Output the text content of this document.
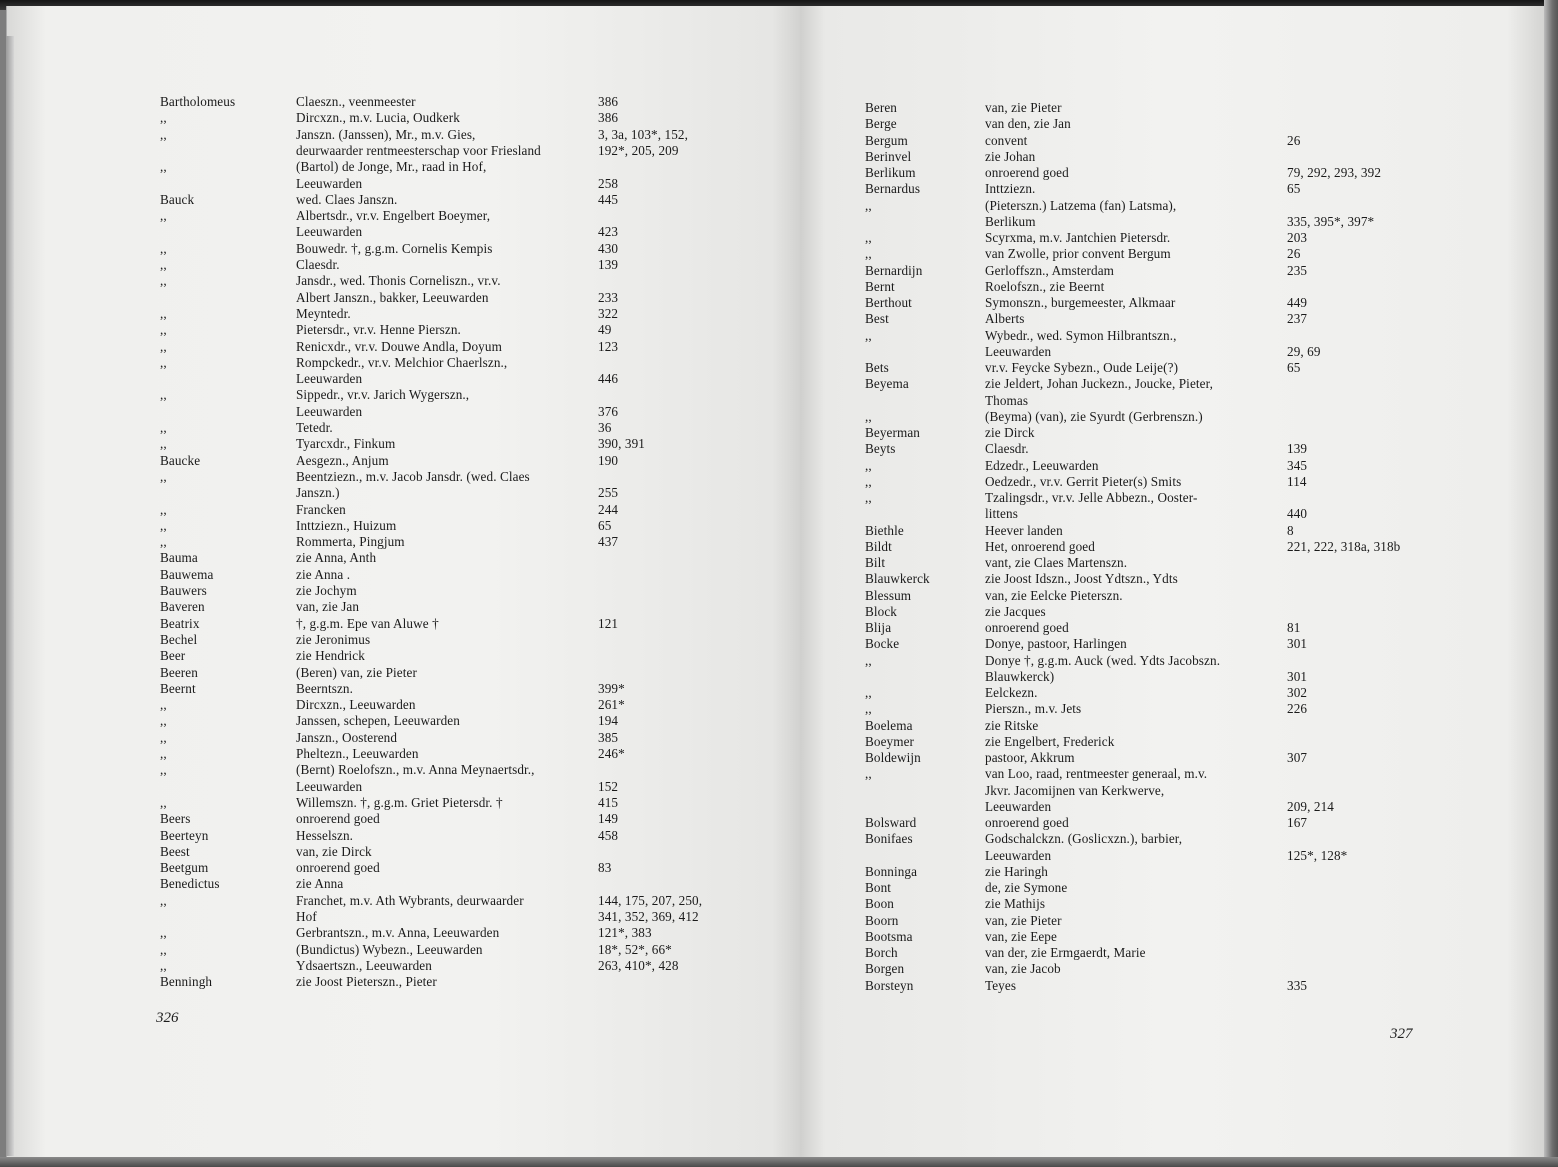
Bartholomeus	Claeszn., veenmeester	386
,,	Dircxzn., m.v. Lucia, Oudkerk	386
,,	Janszn. (Janssen), Mr., m.v. Gies,	3, 3a, 103*, 152,
deurwaarder rentmeesterschap voor Friesland	192*, 205, 209
,,	(Bartol) de Jonge, Mr., raad in Hof,
Leeuwarden	258
Bauck	wed. Claes Janszn.	445
,,	Albertsdr., vr.v. Engelbert Boeymer,
Leeuwarden	423
,,	Bouwedr. †, g.g.m. Cornelis Kempis	430
,,	Claesdr.	139
,,	Jansdr., wed. Thonis Corneliszn., vr.v.
Albert Janszn., bakker, Leeuwarden	233
,,	Meyntedr.	322
,,	Pietersdr., vr.v. Henne Pierszn.	49
,,	Renicxdr., vr.v. Douwe Andla, Doyum	123
,,	Rompckedr., vr.v. Melchior Chaerlszn.,
Leeuwarden	446
,,	Sippedr., vr.v. Jarich Wygerszn.,
Leeuwarden	376
,,	Tetedr.	36
,,	Tyarcxdr., Finkum	390, 391
Baucke	Aesgezn., Anjum	190
,,	Beentziezn., m.v. Jacob Jansdr. (wed. Claes
Janszn.)	255
,,	Francken	244
,,	Inttziezn., Huizum	65
,,	Rommerta, Pingjum	437
Bauma	zie Anna, Anth
Bauwema	zie Anna .
Bauwers	zie Jochym
Baveren	van, zie Jan
Beatrix	†, g.g.m. Epe van Aluwe †	121
Bechel	zie Jeronimus
Beer	zie Hendrick
Beeren	(Beren) van, zie Pieter
Beernt	Beerntszn.	399*
,,	Dircxzn., Leeuwarden	261*
,,	Janssen, schepen, Leeuwarden	194
,,	Janszn., Oosterend	385
,,	Pheltezn., Leeuwarden	246*
,,	(Bernt) Roelofszn., m.v. Anna Meynaertsdr.,
Leeuwarden	152
,,	Willemszn. †, g.g.m. Griet Pietersdr. †	415
Beers	onroerend goed	149
Beerteyn	Hesselszn.	458
Beest	van, zie Dirck
Beetgum	onroerend goed	83
Benedictus	zie Anna
,,	Franchet, m.v. Ath Wybrants, deurwaarder	144, 175, 207, 250,
Hof	341, 352, 369, 412
,,	Gerbrantszn., m.v. Anna, Leeuwarden	121*, 383
,,	(Bundictus) Wybezn., Leeuwarden	18*, 52*, 66*
,,	Ydsaertszn., Leeuwarden	263, 410*, 428
Benningh	zie Joost Pieterszn., Pieter
326
Beren	van, zie Pieter
Berge	van den, zie Jan
Bergum	convent	26
Berinvel	zie Johan
Berlikum	onroerend goed	79, 292, 293, 392
Bernardus	Inttziezn.	65
,,	(Pieterszn.) Latzema (fan) Latsma),
Berlikum	335, 395*, 397*
,,	Scyrxma, m.v. Jantchien Pietersdr.	203
,,	van Zwolle, prior convent Bergum	26
Bernardijn	Gerloffszn., Amsterdam	235
Bernt	Roelofszn., zie Beernt
Berthout	Symonszn., burgemeester, Alkmaar	449
Best	Alberts	237
,,	Wybedr., wed. Symon Hilbrantszn.,
Leeuwarden	29, 69
Bets	vr.v. Feycke Sybezn., Oude Leije(?)	65
Beyema	zie Jeldert, Johan Juckezn., Joucke, Pieter,
Thomas
,,	(Beyma) (van), zie Syurdt (Gerbrenszn.)
Beyerman	zie Dirck
Beyts	Claesdr.	139
,,	Edzedr., Leeuwarden	345
,,	Oedzedr., vr.v. Gerrit Pieter(s) Smits	114
,,	Tzalingsdr., vr.v. Jelle Abbezn., Ooster-
littens	440
Biethle	Heever landen	8
Bildt	Het, onroerend goed	221, 222, 318a, 318b
Bilt	vant, zie Claes Martenszn.
Blauwkerck	zie Joost Idszn., Joost Ydtszn., Ydts
Blessum	van, zie Eelcke Pieterszn.
Block	zie Jacques
Blija	onroerend goed	81
Bocke	Donye, pastoor, Harlingen	301
,,	Donye †, g.g.m. Auck (wed. Ydts Jacobszn.
Blauwkerck)	301
,,	Eelckezn.	302
,,	Pierszn., m.v. Jets	226
Boelema	zie Ritske
Boeymer	zie Engelbert, Frederick
Boldewijn	pastoor, Akkrum	307
,,	van Loo, raad, rentmeester generaal, m.v.
Jkvr. Jacomijnen van Kerkwerve,
Leeuwarden	209, 214
Bolsward	onroerend goed	167
Bonifaes	Godschalckzn. (Goslicxzn.), barbier,
Leeuwarden	125*, 128*
Bonninga	zie Haringh
Bont	de, zie Symone
Boon	zie Mathijs
Boorn	van, zie Pieter
Bootsma	van, zie Eepe
Borch	van der, zie Ermgaerdt, Marie
Borgen	van, zie Jacob
Borsteyn	Teyes	335
327
